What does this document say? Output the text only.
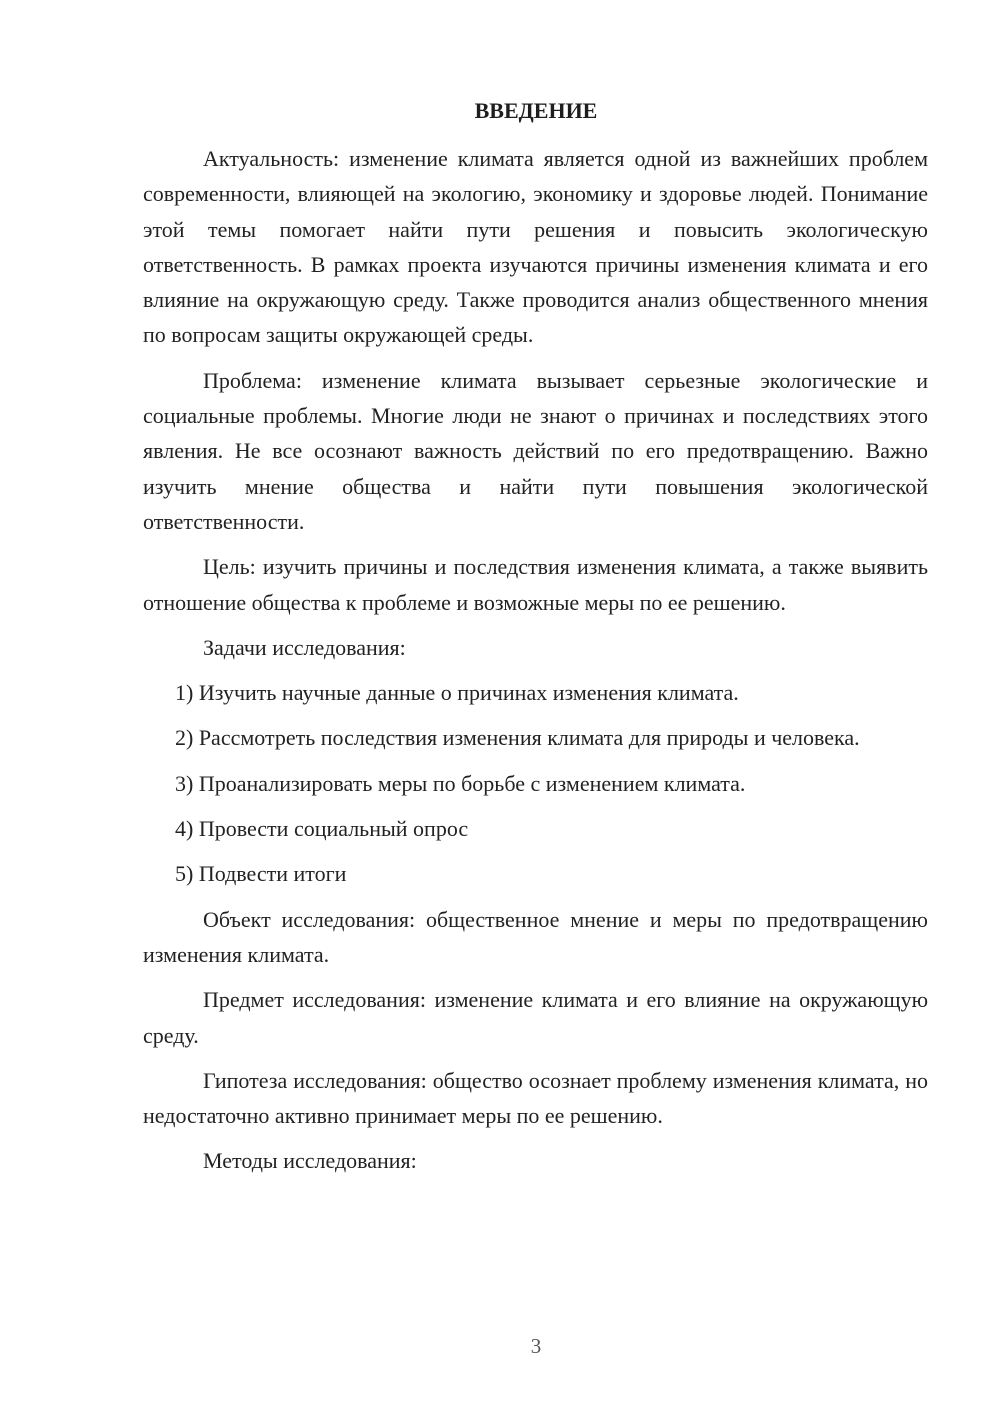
ВВЕДЕНИЕ

Актуальность: изменение климата является одной из важнейших проблем современности, влияющей на экологию, экономику и здоровье людей. Понимание этой темы помогает найти пути решения и повысить экологическую ответственность. В рамках проекта изучаются причины изменения климата и его влияние на окружающую среду. Также проводится анализ общественного мнения по вопросам защиты окружающей среды.

Проблема: изменение климата вызывает серьезные экологические и социальные проблемы. Многие люди не знают о причинах и последствиях этого явления. Не все осознают важность действий по его предотвращению. Важно изучить мнение общества и найти пути повышения экологической ответственности.

Цель: изучить причины и последствия изменения климата, а также выявить отношение общества к проблеме и возможные меры по ее решению.

Задачи исследования:

1) Изучить научные данные о причинах изменения климата.

2) Рассмотреть последствия изменения климата для природы и человека.

3) Проанализировать меры по борьбе с изменением климата.

4) Провести социальный опрос

5) Подвести итоги

Объект исследования: общественное мнение и меры по предотвращению изменения климата.

Предмет исследования: изменение климата и его влияние на окружающую среду.

Гипотеза исследования: общество осознает проблему изменения климата, но недостаточно активно принимает меры по ее решению.

Методы исследования:

3
